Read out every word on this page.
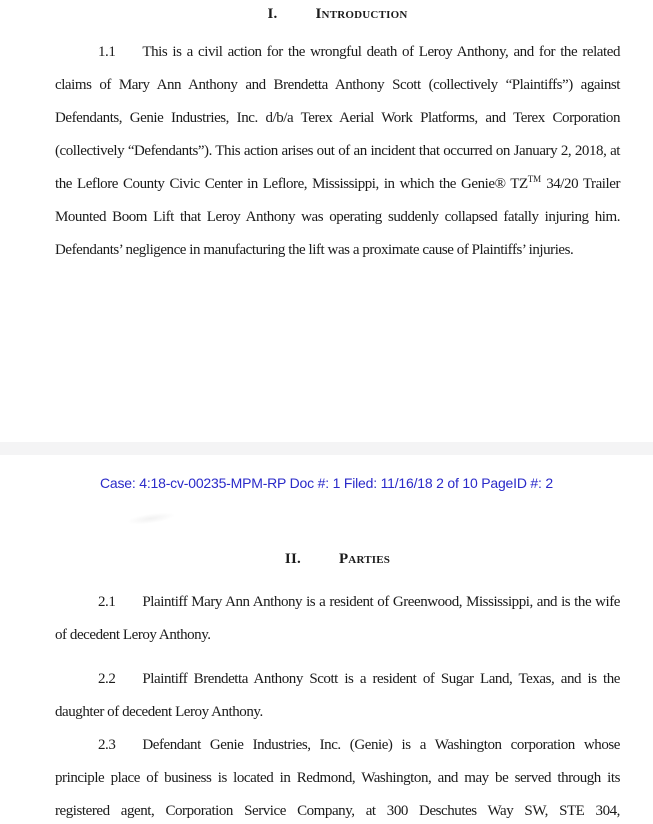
I.	Introduction

1.1 This is a civil action for the wrongful death of Leroy Anthony, and for the related claims of Mary Ann Anthony and Brendetta Anthony Scott (collectively “Plaintiffs”) against Defendants, Genie Industries, Inc. d/b/a Terex Aerial Work Platforms, and Terex Corporation (collectively “Defendants”). This action arises out of an incident that occurred on January 2, 2018, at the Leflore County Civic Center in Leflore, Mississippi, in which the Genie® TZ™ 34/20 Trailer Mounted Boom Lift that Leroy Anthony was operating suddenly collapsed fatally injuring him. Defendants’ negligence in manufacturing the lift was a proximate cause of Plaintiffs’ injuries.

Case: 4:18-cv-00235-MPM-RP Doc #: 1 Filed: 11/16/18 2 of 10 PageID #: 2
II.	Parties

2.1 Plaintiff Mary Ann Anthony is a resident of Greenwood, Mississippi, and is the wife of decedent Leroy Anthony.

2.2 Plaintiff Brendetta Anthony Scott is a resident of Sugar Land, Texas, and is the daughter of decedent Leroy Anthony.

2.3 Defendant Genie Industries, Inc. (Genie) is a Washington corporation whose principle place of business is located in Redmond, Washington, and may be served through its registered agent, Corporation Service Company, at 300 Deschutes Way SW, STE 304,
